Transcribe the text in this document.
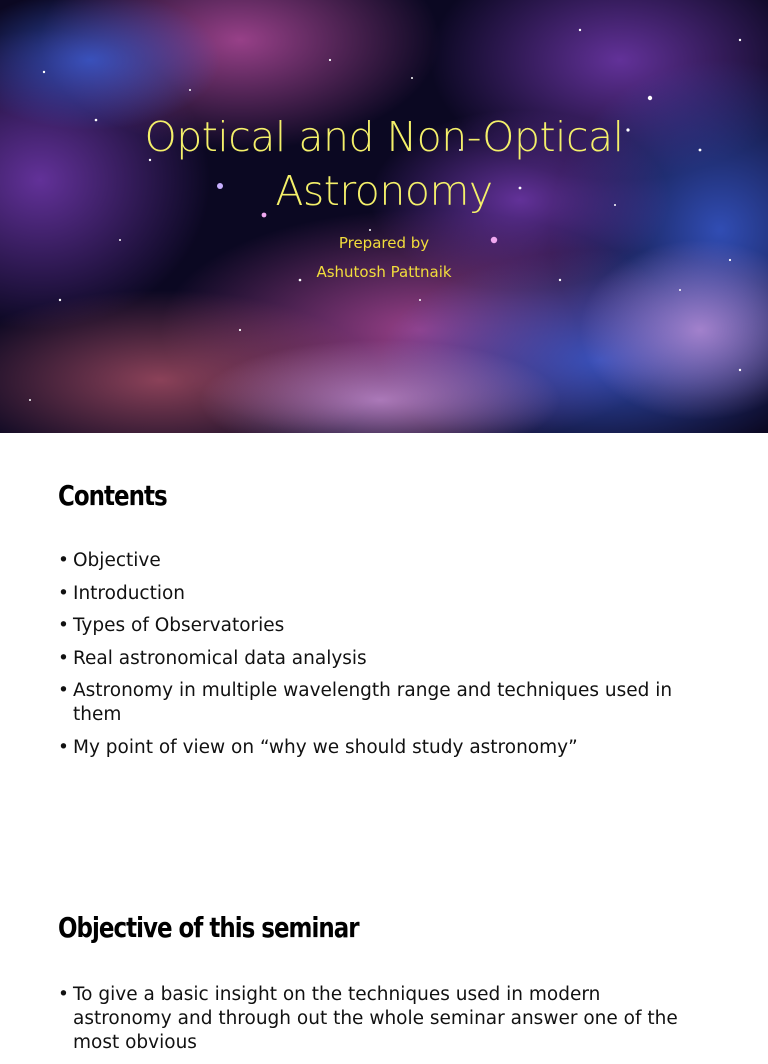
Optical and Non-Optical
Astronomy
Prepared by
Ashutosh Pattnaik
Contents
• Objective
• Introduction
• Types of Observatories
• Real astronomical data analysis
• Astronomy in multiple wavelength range and techniques used in them
• My point of view on “why we should study astronomy”
Objective of this seminar
• To give a basic insight on the techniques used in modern astronomy and through out the whole seminar answer one of the most obvious
